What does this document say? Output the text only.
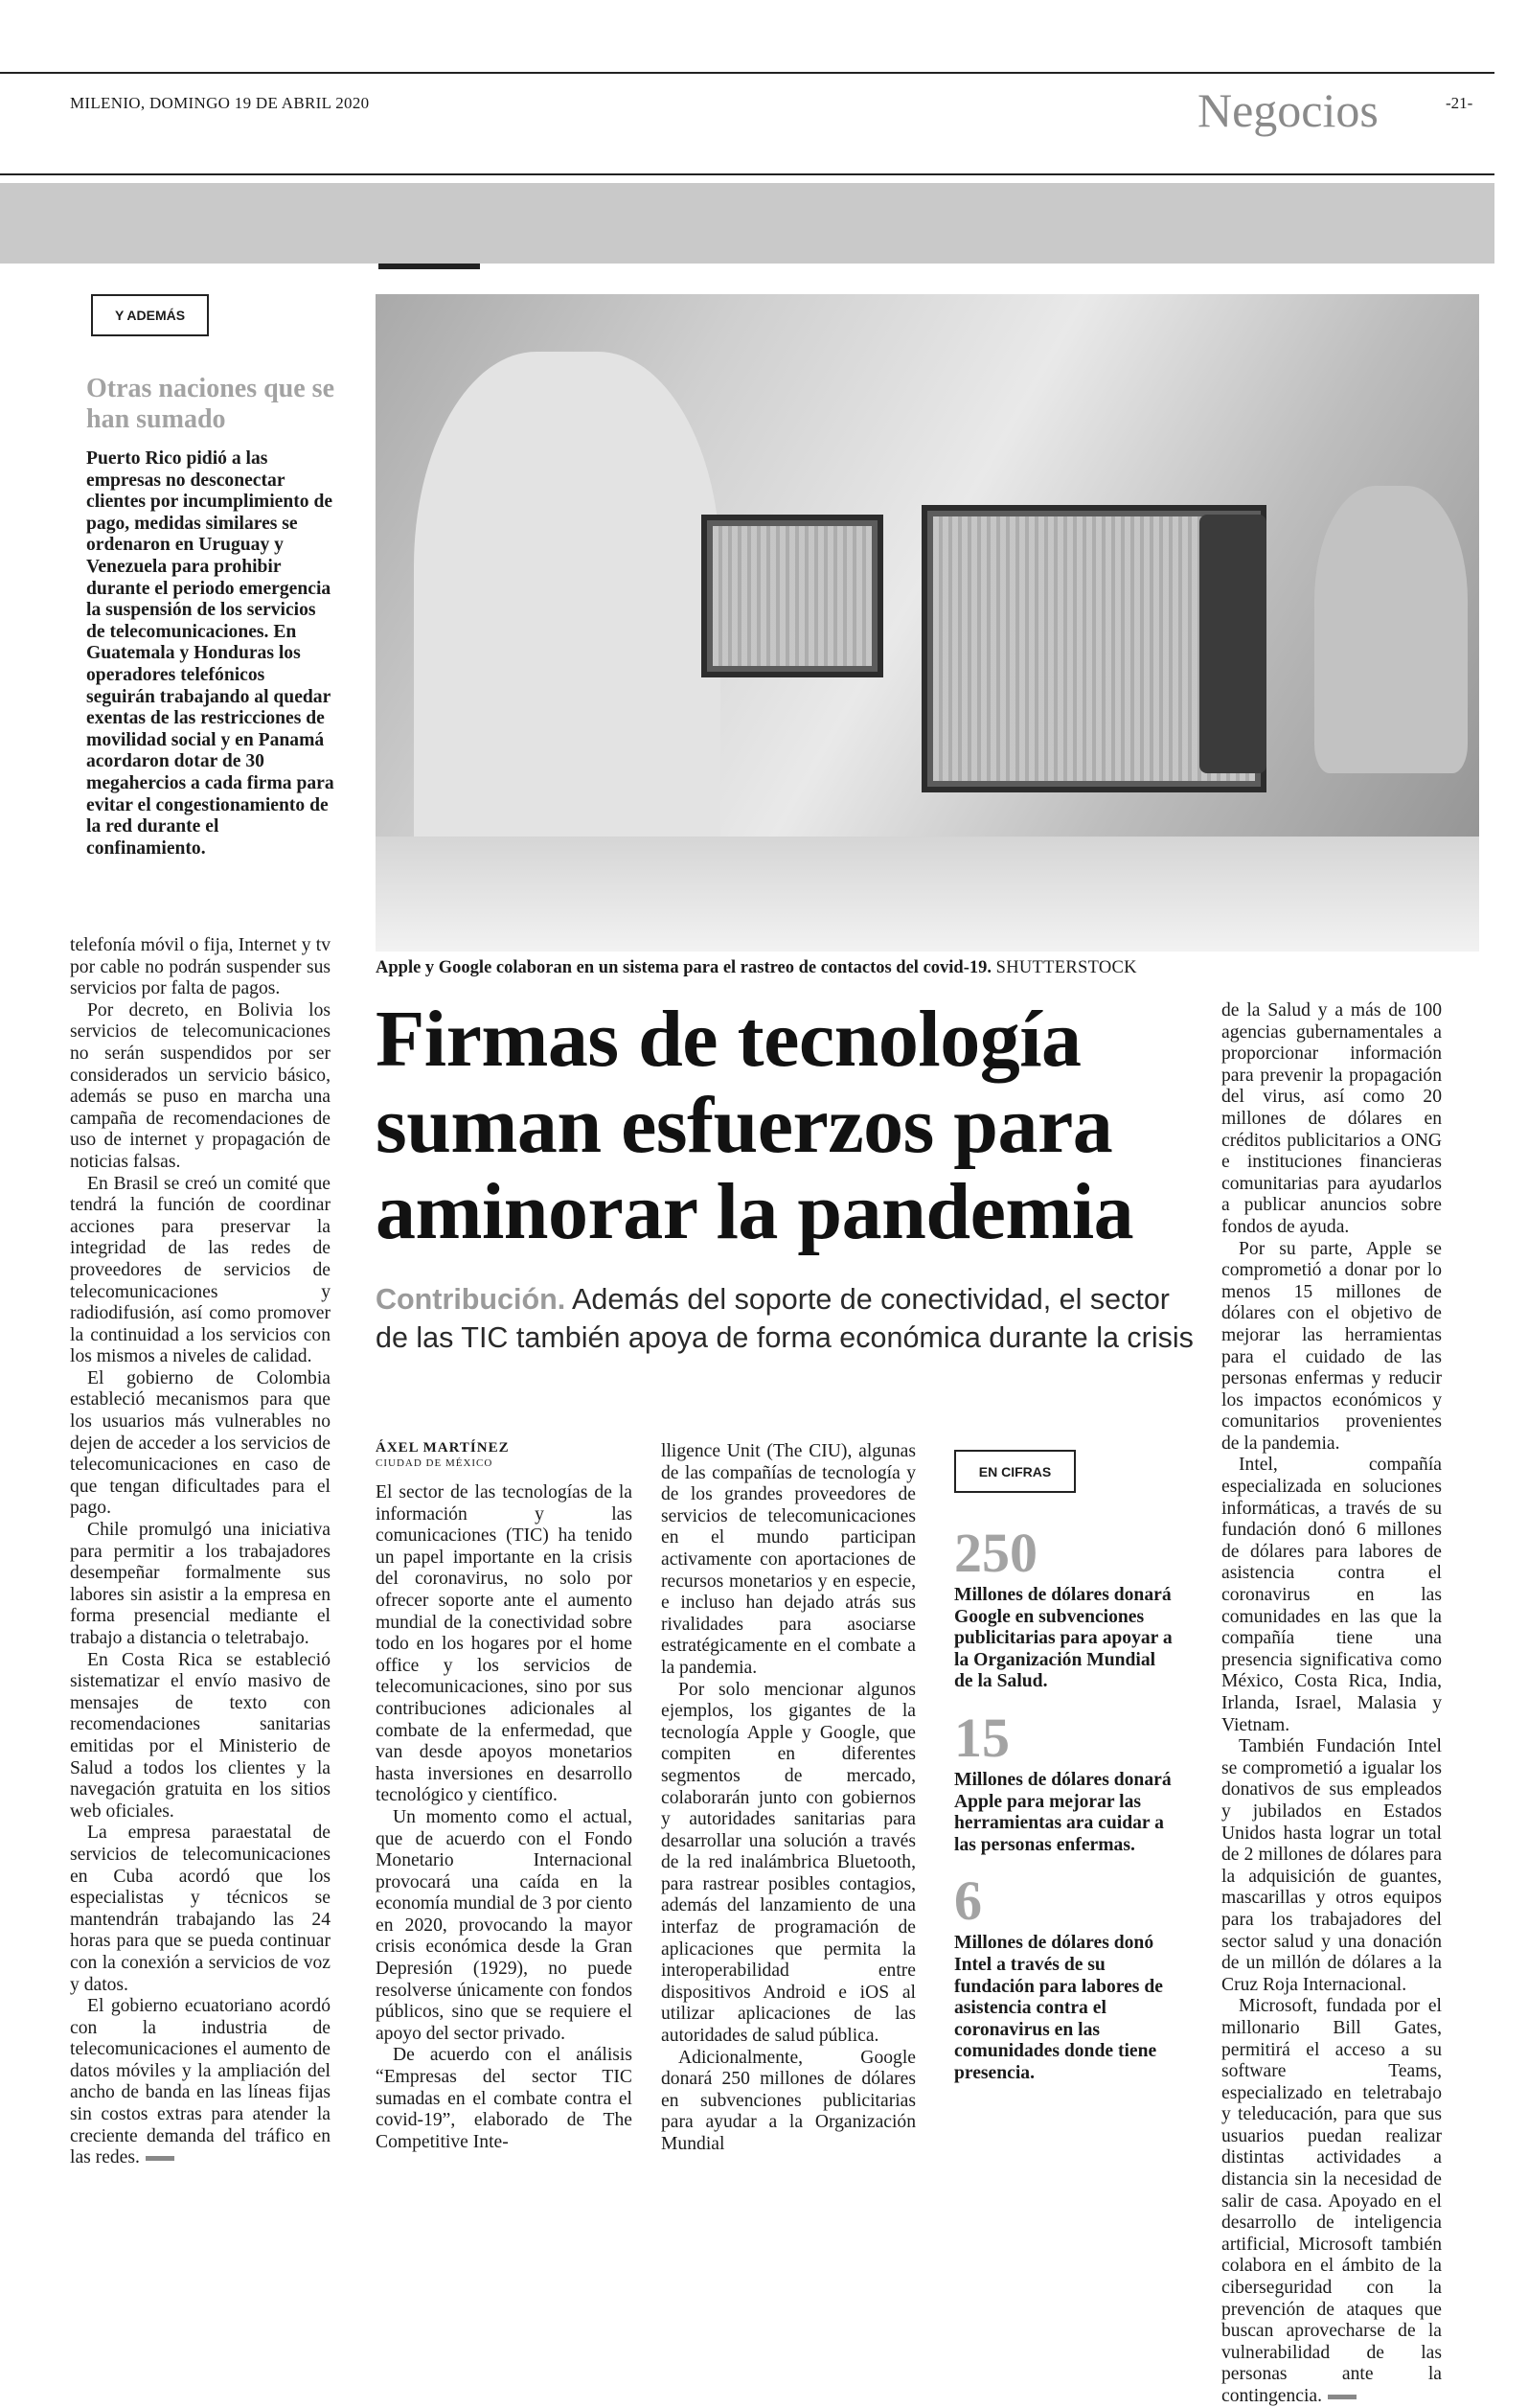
MILENIO, DOMINGO 19 DE ABRIL 2020	Negocios	-21-
Y ADEMÁS
Otras naciones que se han sumado
Puerto Rico pidió a las empresas no desconectar clientes por incumplimiento de pago, medidas similares se ordenaron en Uruguay y Venezuela para prohibir durante el periodo emergencia la suspensión de los servicios de telecomunicaciones. En Guatemala y Honduras los operadores telefónicos seguirán trabajando al quedar exentas de las restricciones de movilidad social y en Panamá acordaron dotar de 30 megahercios a cada firma para evitar el congestionamiento de la red durante el confinamiento.
Apple y Google colaboran en un sistema para el rastreo de contactos del covid-19. SHUTTERSTOCK
Firmas de tecnología
suman esfuerzos para
aminorar la pandemia
Contribución. Además del soporte de conectividad, el sector de las TIC también apoya de forma económica durante la crisis

telefonía móvil o fija, Internet y tv por cable no podrán suspender sus servicios por falta de pagos.

Por decreto, en Bolivia los servicios de telecomunicaciones no serán suspendidos por ser considerados un servicio básico, además se puso en marcha una campaña de recomendaciones de uso de internet y propagación de noticias falsas.

En Brasil se creó un comité que tendrá la función de coordinar acciones para preservar la integridad de las redes de proveedores de servicios de telecomunicaciones y radiodifusión, así como promover la continuidad a los servicios con los mismos a niveles de calidad.

El gobierno de Colombia estableció mecanismos para que los usuarios más vulnerables no dejen de acceder a los servicios de telecomunicaciones en caso de que tengan dificultades para el pago.

Chile promulgó una iniciativa para permitir a los trabajadores desempeñar formalmente sus labores sin asistir a la empresa en forma presencial mediante el trabajo a distancia o teletrabajo.

En Costa Rica se estableció sistematizar el envío masivo de mensajes de texto con recomendaciones sanitarias emitidas por el Ministerio de Salud a todos los clientes y la navegación gratuita en los sitios web oficiales.

La empresa paraestatal de servicios de telecomunicaciones en Cuba acordó que los especialistas y técnicos se mantendrán trabajando las 24 horas para que se pueda continuar con la conexión a servicios de voz y datos.

El gobierno ecuatoriano acordó con la industria de telecomunicaciones el aumento de datos móviles y la ampliación del ancho de banda en las líneas fijas sin costos extras para atender la creciente demanda del tráfico en las redes.

ÁXEL MARTÍNEZ
CIUDAD DE MÉXICO

El sector de las tecnologías de la información y las comunicaciones (TIC) ha tenido un papel importante en la crisis del coronavirus, no solo por ofrecer soporte ante el aumento mundial de la conectividad sobre todo en los hogares por el home office y los servicios de telecomunicaciones, sino por sus contribuciones adicionales al combate de la enfermedad, que van desde apoyos monetarios hasta inversiones en desarrollo tecnológico y científico.

Un momento como el actual, que de acuerdo con el Fondo Monetario Internacional provocará una caída en la economía mundial de 3 por ciento en 2020, provocando la mayor crisis económica desde la Gran Depresión (1929), no puede resolverse únicamente con fondos públicos, sino que se requiere el apoyo del sector privado.

De acuerdo con el análisis “Empresas del sector TIC sumadas en el combate contra el covid-19”, elaborado de The Competitive Inte-

lligence Unit (The CIU), algunas de las compañías de tecnología y de los grandes proveedores de servicios de telecomunicaciones en el mundo participan activamente con aportaciones de recursos monetarios y en especie, e incluso han dejado atrás sus rivalidades para asociarse estratégicamente en el combate a la pandemia.

Por solo mencionar algunos ejemplos, los gigantes de la tecnología Apple y Google, que compiten en diferentes segmentos de mercado, colaborarán junto con gobiernos y autoridades sanitarias para desarrollar una solución a través de la red inalámbrica Bluetooth, para rastrear posibles contagios, además del lanzamiento de una interfaz de programación de aplicaciones que permita la interoperabilidad entre dispositivos Android e iOS al utilizar aplicaciones de las autoridades de salud pública.

Adicionalmente, Google donará 250 millones de dólares en subvenciones publicitarias para ayudar a la Organización Mundial

EN CIFRAS
250
Millones de dólares donará Google en subvenciones publicitarias para apoyar a la Organización Mundial de la Salud.
15
Millones de dólares donará Apple para mejorar las herramientas ara cuidar a las personas enfermas.
6
Millones de dólares donó Intel a través de su fundación para labores de asistencia contra el coronavirus en las comunidades donde tiene presencia.

de la Salud y a más de 100 agencias gubernamentales a proporcionar información para prevenir la propagación del virus, así como 20 millones de dólares en créditos publicitarios a ONG e instituciones financieras comunitarias para ayudarlos a publicar anuncios sobre fondos de ayuda.

Por su parte, Apple se comprometió a donar por lo menos 15 millones de dólares con el objetivo de mejorar las herramientas para el cuidado de las personas enfermas y reducir los impactos económicos y comunitarios provenientes de la pandemia.

Intel, compañía especializada en soluciones informáticas, a través de su fundación donó 6 millones de dólares para labores de asistencia contra el coronavirus en las comunidades en las que la compañía tiene una presencia significativa como México, Costa Rica, India, Irlanda, Israel, Malasia y Vietnam.

También Fundación Intel se comprometió a igualar los donativos de sus empleados y jubilados en Estados Unidos hasta lograr un total de 2 millones de dólares para la adquisición de guantes, mascarillas y otros equipos para los trabajadores del sector salud y una donación de un millón de dólares a la Cruz Roja Internacional.

Microsoft, fundada por el millonario Bill Gates, permitirá el acceso a su software Teams, especializado en teletrabajo y teleducación, para que sus usuarios puedan realizar distintas actividades a distancia sin la necesidad de salir de casa. Apoyado en el desarrollo de inteligencia artificial, Microsoft también colabora en el ámbito de la ciberseguridad con la prevención de ataques que buscan aprovecharse de la vulnerabilidad de las personas ante la contingencia.
